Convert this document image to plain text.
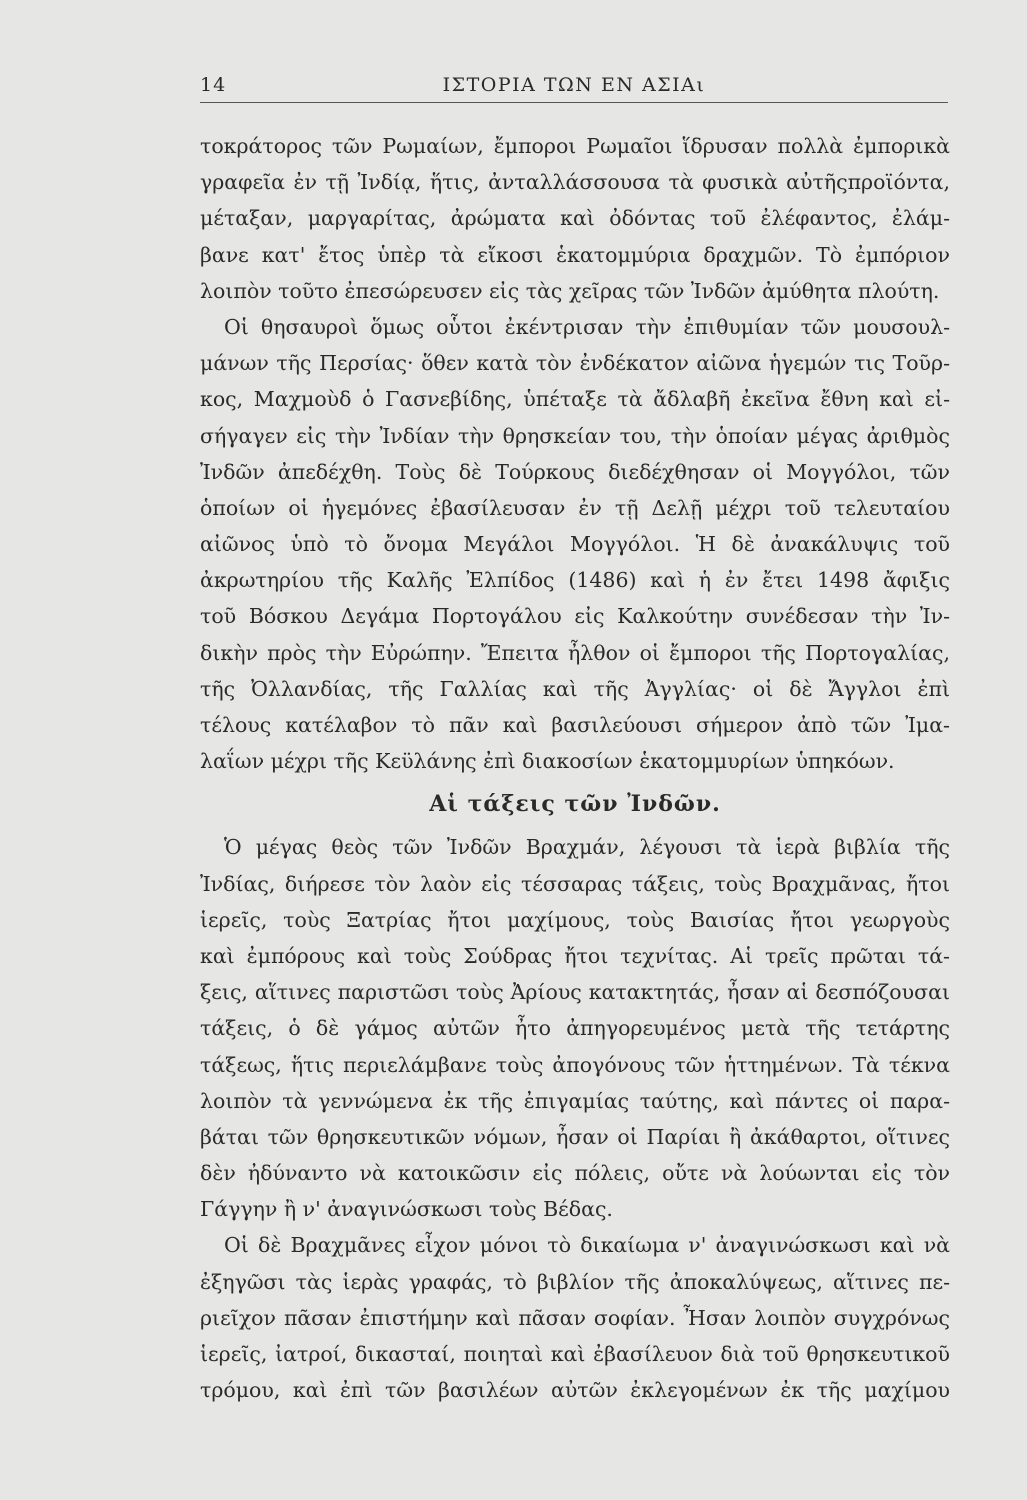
14	ΙΣΤΟΡΙΑ ΤΩΝ ΕΝ ΑΣΙΑι
τοκράτορος τῶν Ρωμαίων, ἔμποροι Ρωμαῖοι ἵδρυσαν πολλὰ ἐμπορικὰ
γραφεῖα ἐν τῇ Ἰνδίᾳ, ἥτις, ἀνταλλάσσουσα τὰ φυσικὰ αὐτῆςπροϊόντα,
μέταξαν, μαργαρίτας, ἀρώματα καὶ ὀδόντας τοῦ ἐλέφαντος, ἐλάμ-
βανε κατ' ἔτος ὑπὲρ τὰ εἴκοσι ἑκατομμύρια δραχμῶν. Τὸ ἐμπόριον
λοιπὸν τοῦτο ἐπεσώρευσεν εἰς τὰς χεῖρας τῶν Ἰνδῶν ἀμύθητα πλούτη.
Οἱ θησαυροὶ ὅμως οὗτοι ἐκέντρισαν τὴν ἐπιθυμίαν τῶν μουσουλ-
μάνων τῆς Περσίας· ὅθεν κατὰ τὸν ἐνδέκατον αἰῶνα ἡγεμών τις Τοῦρ-
κος, Μαχμοὺδ ὁ Γασνεβίδης, ὑπέταξε τὰ ἄδλαβῆ ἐκεῖνα ἔθνη καὶ εἰ-
σήγαγεν εἰς τὴν Ἰνδίαν τὴν θρησκείαν του, τὴν ὁποίαν μέγας ἀριθμὸς
Ἰνδῶν ἀπεδέχθη. Τοὺς δὲ Τούρκους διεδέχθησαν οἱ Μογγόλοι, τῶν
ὁποίων οἱ ἡγεμόνες ἐβασίλευσαν ἐν τῇ Δελῇ μέχρι τοῦ τελευταίου
αἰῶνος ὑπὸ τὸ ὄνομα Μεγάλοι Μογγόλοι. Ἡ δὲ ἀνακάλυψις τοῦ
ἀκρωτηρίου τῆς Καλῆς Ἐλπίδος (1486) καὶ ἡ ἐν ἔτει 1498 ἄφιξις
τοῦ Βόσκου Δεγάμα Πορτογάλου εἰς Καλκούτην συνέδεσαν τὴν Ἰν-
δικὴν πρὸς τὴν Εὐρώπην. Ἔπειτα ἦλθον οἱ ἔμποροι τῆς Πορτογαλίας,
τῆς Ὀλλανδίας, τῆς Γαλλίας καὶ τῆς Ἀγγλίας· οἱ δὲ Ἄγγλοι ἐπὶ
τέλους κατέλαβον τὸ πᾶν καὶ βασιλεύουσι σήμερον ἀπὸ τῶν Ἰμα-
λαΐων μέχρι τῆς Κεϋλάνης ἐπὶ διακοσίων ἑκατομμυρίων ὑπηκόων.
Αἱ τάξεις τῶν Ἰνδῶν.
Ὁ μέγας θεὸς τῶν Ἰνδῶν Βραχμάν, λέγουσι τὰ ἱερὰ βιβλία τῆς
Ἰνδίας, διήρεσε τὸν λαὸν εἰς τέσσαρας τάξεις, τοὺς Βραχμᾶνας, ἤτοι
ἱερεῖς, τοὺς Ξατρίας ἤτοι μαχίμους, τοὺς Βαισίας ἤτοι γεωργοὺς
καὶ ἐμπόρους καὶ τοὺς Σούδρας ἤτοι τεχνίτας. Αἱ τρεῖς πρῶται τά-
ξεις, αἵτινες παριστῶσι τοὺς Ἀρίους κατακτητάς, ἦσαν αἱ δεσπόζουσαι
τάξεις, ὁ δὲ γάμος αὐτῶν ἦτο ἀπηγορευμένος μετὰ τῆς τετάρτης
τάξεως, ἥτις περιελάμβανε τοὺς ἀπογόνους τῶν ἡττημένων. Τὰ τέκνα
λοιπὸν τὰ γεννώμενα ἐκ τῆς ἐπιγαμίας ταύτης, καὶ πάντες οἱ παρα-
βάται τῶν θρησκευτικῶν νόμων, ἦσαν οἱ Παρίαι ἢ ἀκάθαρτοι, οἵτινες
δὲν ἠδύναντο νὰ κατοικῶσιν εἰς πόλεις, οὔτε νὰ λούωνται εἰς τὸν
Γάγγην ἢ ν' ἀναγινώσκωσι τοὺς Βέδας.
Οἱ δὲ Βραχμᾶνες εἶχον μόνοι τὸ δικαίωμα ν' ἀναγινώσκωσι καὶ νὰ
ἐξηγῶσι τὰς ἱερὰς γραφάς, τὸ βιβλίον τῆς ἀποκαλύψεως, αἵτινες πε-
ριεῖχον πᾶσαν ἐπιστήμην καὶ πᾶσαν σοφίαν. Ἦσαν λοιπὸν συγχρόνως
ἱερεῖς, ἰατροί, δικασταί, ποιηταὶ καὶ ἐβασίλευον διὰ τοῦ θρησκευτικοῦ
τρόμου, καὶ ἐπὶ τῶν βασιλέων αὐτῶν ἐκλεγομένων ἐκ τῆς μαχίμου
